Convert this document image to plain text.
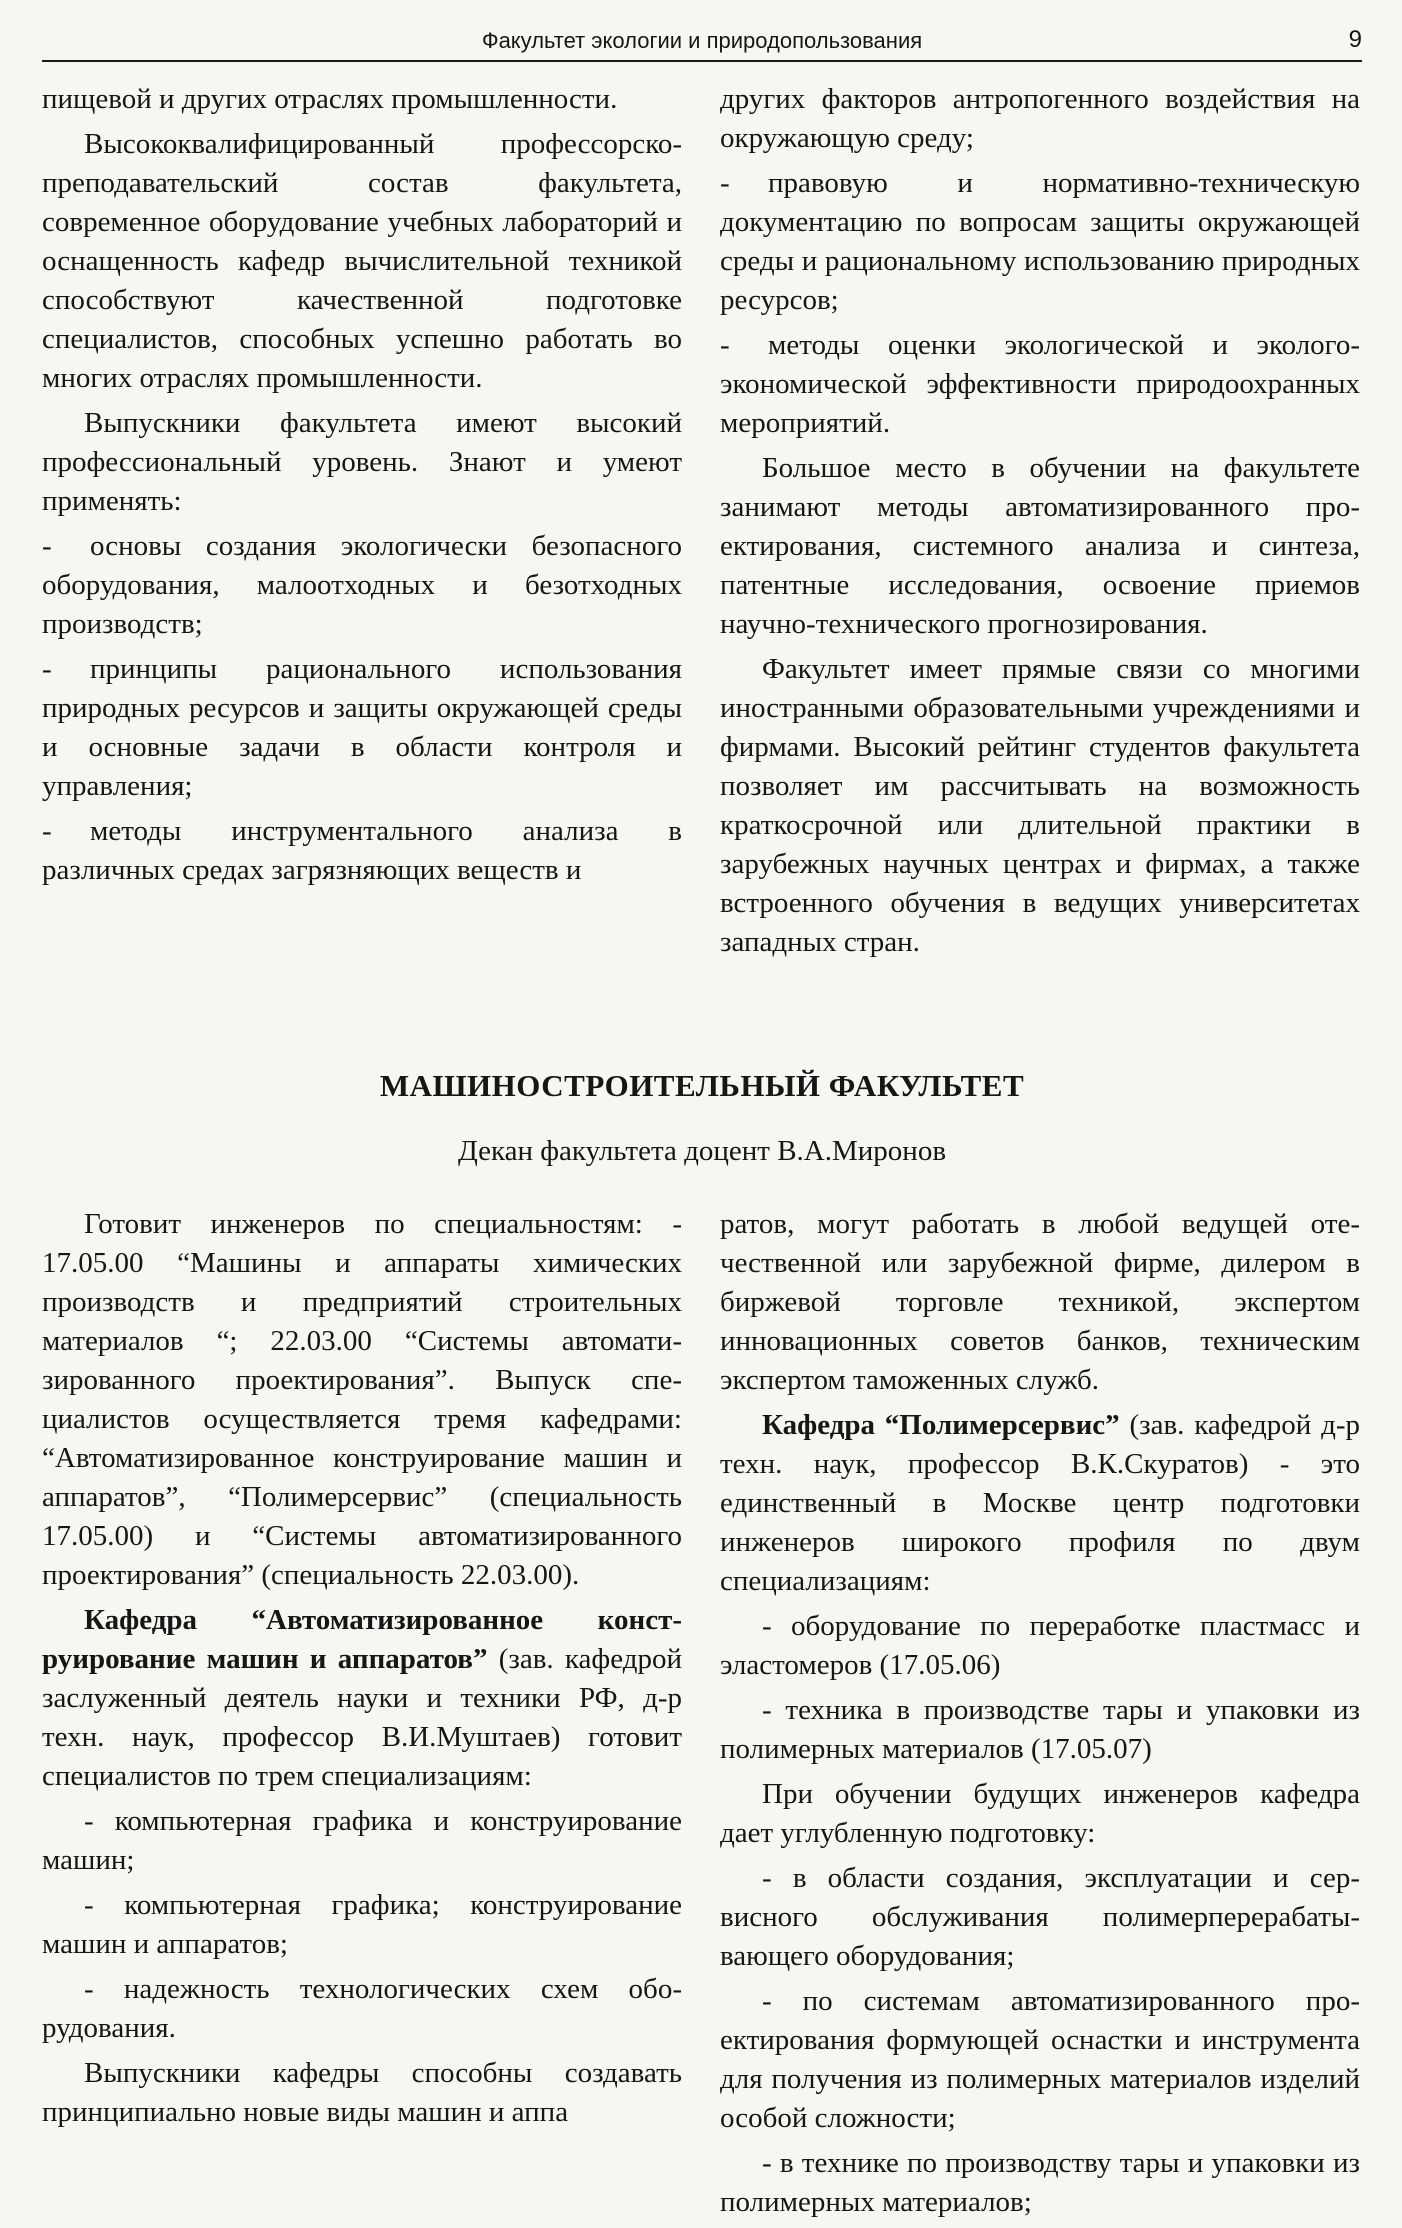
Факультет экологии и природопользования	9

пищевой и других отраслях промышленности.

Высококвалифицированный профессорско-преподавательский состав факультета, современное оборудование учебных лабораторий и оснащенность кафедр вычислительной техникой способствуют качественной подготовке специалистов, способных успешно работать во многих отраслях промышленности.

Выпускники факультета имеют высокий профессиональный уровень. Знают и умеют применять:

- основы создания экологически безопасного оборудования, малоотходных и безотходных производств;

- принципы рационального использования природных ресурсов и защиты окружающей среды и основные задачи в области контроля и управления;

- методы инструментального анализа в различных средах загрязняющих веществ и

других факторов антропогенного воздействия на окружающую среду;

- правовую и нормативно-техническую документацию по вопросам защиты окружающей среды и рациональному использованию природных ресурсов;

- методы оценки экологической и эколого-экономической эффективности природоохранных мероприятий.

Большое место в обучении на факультете занимают методы автоматизированного проектирования, системного анализа и синтеза, патентные исследования, освоение приемов научно-технического прогнозирования.

Факультет имеет прямые связи со многими иностранными образовательными учреждениями и фирмами. Высокий рейтинг студентов факультета позволяет им рассчитывать на возможность краткосрочной или длительной практики в зарубежных научных центрах и фирмах, а также встроенного обучения в ведущих университетах западных стран.

МАШИНОСТРОИТЕЛЬНЫЙ ФАКУЛЬТЕТ
Декан факультета доцент В.А.Миронов

Готовит инженеров по специальностям: - 17.05.00 “Машины и аппараты химических производств и предприятий строительных материалов “; 22.03.00 “Системы автоматизированного проектирования”. Выпуск специалистов осуществляется тремя кафедрами: “Автоматизированное конструирование машин и аппаратов”, “Полимерсервис” (специальность 17.05.00) и “Системы автоматизированного проектирования” (специальность 22.03.00).

Кафедра “Автоматизированное конструирование машин и аппаратов” (зав. кафедрой заслуженный деятель науки и техники РФ, д-р техн. наук, профессор В.И.Муштаев) готовит специалистов по трем специализациям:

- компьютерная графика и конструирование машин;

- компьютерная графика; конструирование машин и аппаратов;

- надежность технологических схем оборудования.

Выпускники кафедры способны создавать принципиально новые виды машин и аппа

ратов, могут работать в любой ведущей отечественной или зарубежной фирме, дилером в биржевой торговле техникой, экспертом инновационных советов банков, техническим экспертом таможенных служб.

Кафедра “Полимерсервис” (зав. кафедрой д-р техн. наук, профессор В.К.Скуратов) - это единственный в Москве центр подготовки инженеров широкого профиля по двум специализациям:

- оборудование по переработке пластмасс и эластомеров (17.05.06)

- техника в производстве тары и упаковки из полимерных материалов (17.05.07)

При обучении будущих инженеров кафедра дает углубленную подготовку:

- в области создания, эксплуатации и сервисного обслуживания полимерперерабатывающего оборудования;

- по системам автоматизированного проектирования формующей оснастки и инструмента для получения из полимерных материалов изделий особой сложности;

- в технике по производству тары и упаковки из полимерных материалов;
